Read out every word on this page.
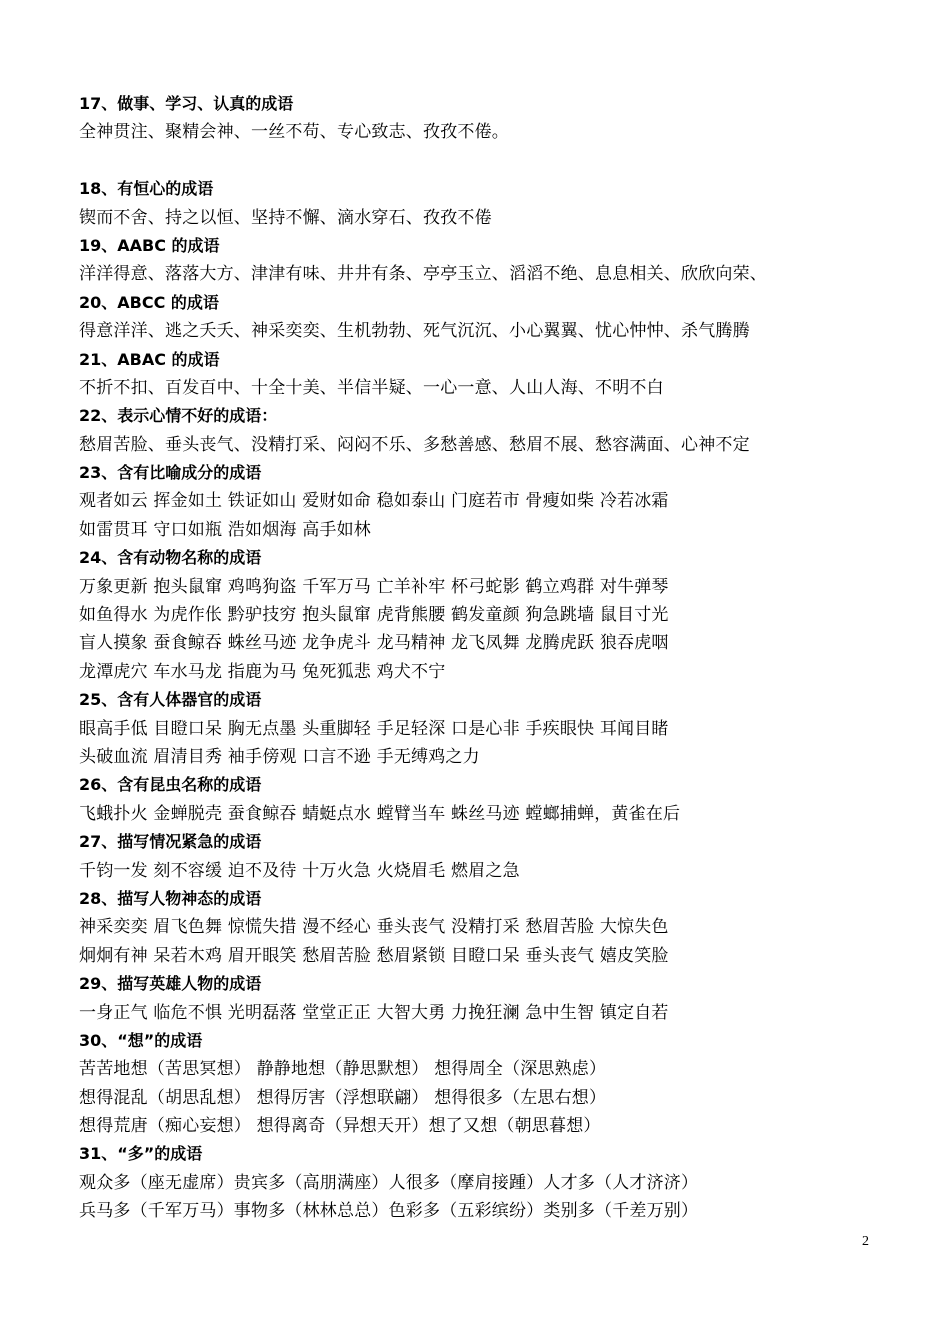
17、做事、学习、认真的成语
全神贯注、聚精会神、一丝不苟、专心致志、孜孜不倦。
18、有恒心的成语
锲而不舍、持之以恒、坚持不懈、滴水穿石、孜孜不倦
19、AABC 的成语
洋洋得意、落落大方、津津有味、井井有条、亭亭玉立、滔滔不绝、息息相关、欣欣向荣、
20、ABCC 的成语
得意洋洋、逃之夭夭、神采奕奕、生机勃勃、死气沉沉、小心翼翼、忧心忡忡、杀气腾腾
21、ABAC 的成语
不折不扣、百发百中、十全十美、半信半疑、一心一意、人山人海、不明不白
22、表示心情不好的成语：
愁眉苦脸、垂头丧气、没精打采、闷闷不乐、多愁善感、愁眉不展、愁容满面、心神不定
23、含有比喻成分的成语
观者如云 挥金如土 铁证如山 爱财如命 稳如泰山 门庭若市 骨瘦如柴 冷若冰霜
如雷贯耳 守口如瓶 浩如烟海 高手如林
24、含有动物名称的成语
万象更新 抱头鼠窜 鸡鸣狗盗 千军万马 亡羊补牢 杯弓蛇影 鹤立鸡群 对牛弹琴
如鱼得水 为虎作伥 黔驴技穷 抱头鼠窜 虎背熊腰 鹤发童颜 狗急跳墙 鼠目寸光
盲人摸象 蚕食鲸吞 蛛丝马迹 龙争虎斗 龙马精神 龙飞凤舞 龙腾虎跃 狼吞虎咽
龙潭虎穴 车水马龙 指鹿为马 兔死狐悲 鸡犬不宁
25、含有人体器官的成语
眼高手低 目瞪口呆 胸无点墨 头重脚轻 手足轻深 口是心非 手疾眼快 耳闻目睹
头破血流 眉清目秀 袖手傍观 口言不逊 手无缚鸡之力
26、含有昆虫名称的成语
飞蛾扑火 金蝉脱壳 蚕食鲸吞 蜻蜓点水 螳臂当车 蛛丝马迹 螳螂捕蝉，黄雀在后
27、描写情况紧急的成语
千钧一发 刻不容缓 迫不及待 十万火急 火烧眉毛 燃眉之急
28、描写人物神态的成语
神采奕奕 眉飞色舞 惊慌失措 漫不经心 垂头丧气 没精打采 愁眉苦脸 大惊失色
炯炯有神 呆若木鸡 眉开眼笑 愁眉苦脸 愁眉紧锁 目瞪口呆 垂头丧气 嬉皮笑脸
29、描写英雄人物的成语
一身正气 临危不惧 光明磊落 堂堂正正 大智大勇 力挽狂澜 急中生智 镇定自若
30、“想”的成语
苦苦地想（苦思冥想） 静静地想（静思默想） 想得周全（深思熟虑）
想得混乱（胡思乱想） 想得厉害（浮想联翩） 想得很多（左思右想）
想得荒唐（痴心妄想） 想得离奇（异想天开）想了又想（朝思暮想）
31、“多”的成语
观众多（座无虚席）贵宾多（高朋满座）人很多（摩肩接踵）人才多（人才济济）
兵马多（千军万马）事物多（林林总总）色彩多（五彩缤纷）类别多（千差万别）
2
